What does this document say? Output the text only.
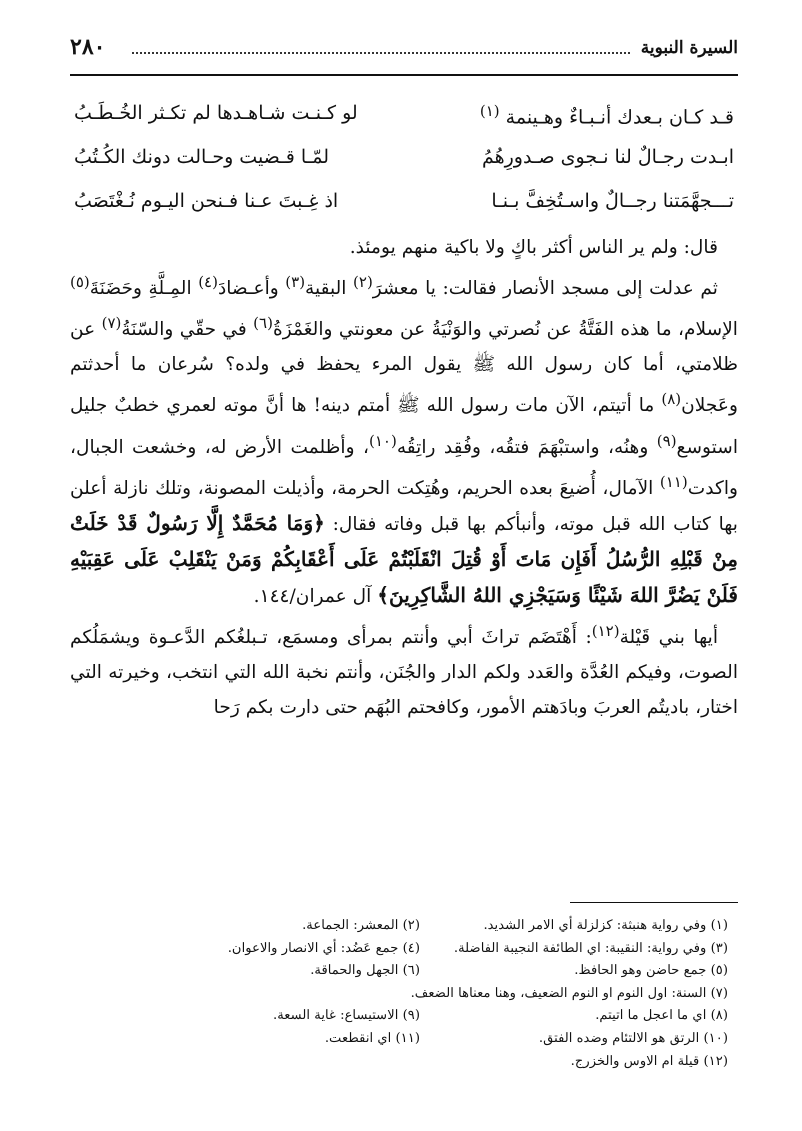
السيرة النبوية
٢٨٠
قـد كـان بـعدك أنـبـاءٌ وهـينمة $^{(١)}$
لو كـنـت شـاهـدها لم تكـثر الخُـطَـبُ
ابـدت رجـالٌ لنا نـجوى صـدورِهُمُ
لمّـا قـضيت وحـالت دونك الكُـتُبُ
تـــجهَّمَتنا رجــالٌ واسـتُخِفَّ بـنـا
اذ غِـبتَ عـنا فـنحن اليـوم نُـغْتَصَبُ

قال: ولم ير الناس أكثر باكٍ ولا باكية منهم يومئذ.

ثم عدلت إلى مسجد الأنصار فقالت: يا معشرَ$^{(٢)}$ البقية$^{(٣)}$ وأعـضادَ$^{(٤)}$ المِـلَّةِ وحَضَنَةَ$^{(٥)}$ الإسلام، ما هذه الفَتَّةُ عن نُصرتي والوَنْيَةُ عن معونتي والغَمْزَةُ$^{(٦)}$ في حقّي والسّنَةُ$^{(٧)}$ عن ظلامتي، أما كان رسول الله ﷺ يقول المرء يحفظ في ولده؟ سُرعان ما أحدثتم وعَجلان$^{(٨)}$ ما أتيتم، الآن مات رسول الله ﷺ أمتم دينه! ها أنَّ موته لعمري خطبٌ جليل استوسع$^{(٩)}$ وهنُه، واستبْهَمَ فتقُه، وفُقِد راتِقُه$^{(١٠)}$، وأظلمت الأرض له، وخشعت الجبال، واكدت$^{(١١)}$ الآمال، أُضيعَ بعده الحريم، وهُتِكت الحرمة، وأذيلت المصونة، وتلك نازلة أعلن بها كتاب الله قبل موته، وأنبأكم بها قبل وفاته فقال: ﴿وَمَا مُحَمَّدٌ إِلَّا رَسُولٌ قَدْ خَلَتْ مِنْ قَبْلِهِ الرُّسُلُ أَفَإِن مَاتَ أَوْ قُتِلَ انْقَلَبْتُمْ عَلَى أَعْقَابِكُمْ وَمَنْ يَنْقَلِبْ عَلَى عَقِبَيْهِ فَلَنْ يَضُرَّ اللهَ شَيْئًا وَسَيَجْزِي اللهُ الشَّاكِرِينَ﴾ آل عمران/١٤٤.

أيها بني قَيْلة$^{(١٢)}$: أَهْتَضَم تراثَ أبي وأنتم بمرأى ومسمَع، تـبلغُكم الدَّعـوة ويشمَلُكم الصوت، وفيكم العُدَّة والعَدد ولكم الدار والجُنَن، وأنتم نخبة الله التي انتخب، وخيرته التي اختار، باديتُم العربَ وبادَهتم الأمور، وكافحتم البُهَم حتى دارت بكم رَحا

(١) وفي رواية هنبثة: كزلزلة أي الامر الشديد.
(٢) المعشر: الجماعة.
(٣) وفي رواية: النقيبة: اي الطائفة النجيبة الفاضلة.
(٤) جمع عَضُد: أي الانصار والاعوان.
(٥) جمع حاضن وهو الحافظ.
(٦) الجهل والحماقة.
(٧) السنة: اول النوم او النوم الضعيف، وهنا معناها الضعف.
(٨) اي ما اعجل ما اتيتم.
(٩) الاستيساع: غاية السعة.
(١٠) الرتق هو الالتئام وضده الفتق.
(١١) اي انقطعت.
(١٢) قيلة ام الاوس والخزرج.
